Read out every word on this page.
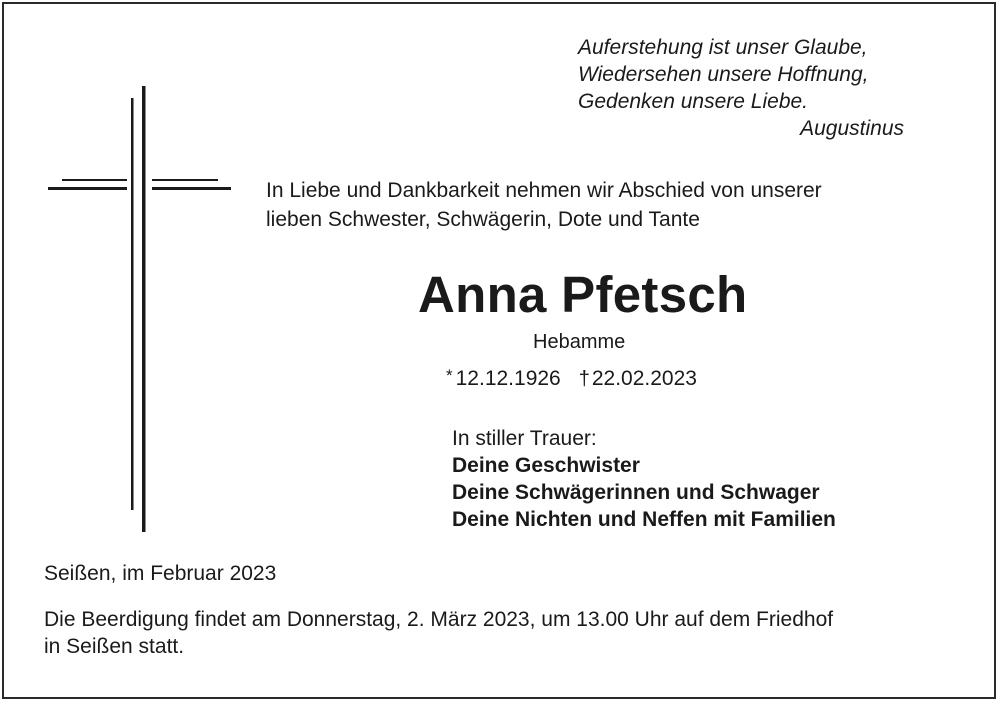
Auferstehung ist unser Glaube,
Wiedersehen unsere Hoffnung,
Gedenken unsere Liebe.
Augustinus
In Liebe und Dankbarkeit nehmen wir Abschied von unserer
lieben Schwester, Schwägerin, Dote und Tante
Anna Pfetsch
Hebamme
* 12.12.1926 †22.02.2023
In stiller Trauer:
Deine Geschwister
Deine Schwägerinnen und Schwager
Deine Nichten und Neffen mit Familien
Seißen, im Februar 2023
Die Beerdigung findet am Donnerstag, 2. März 2023, um 13.00 Uhr auf dem Friedhof
in Seißen statt.
